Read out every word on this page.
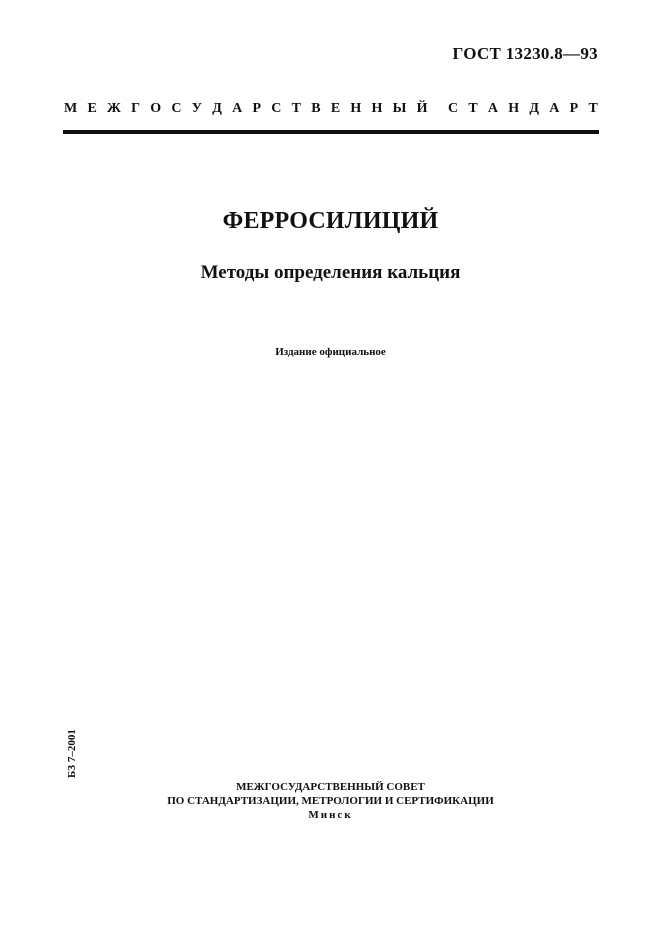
ГОСТ 13230.8—93
М Е Ж Г О С У Д А Р С Т В Е Н Н Ы Й С Т А Н Д А Р Т
ФЕРРОСИЛИЦИЙ
Методы определения кальция
Издание официальное
БЗ 7–2001
МЕЖГОСУДАРСТВЕННЫЙ СОВЕТ
ПО СТАНДАРТИЗАЦИИ, МЕТРОЛОГИИ И СЕРТИФИКАЦИИ
Минск
